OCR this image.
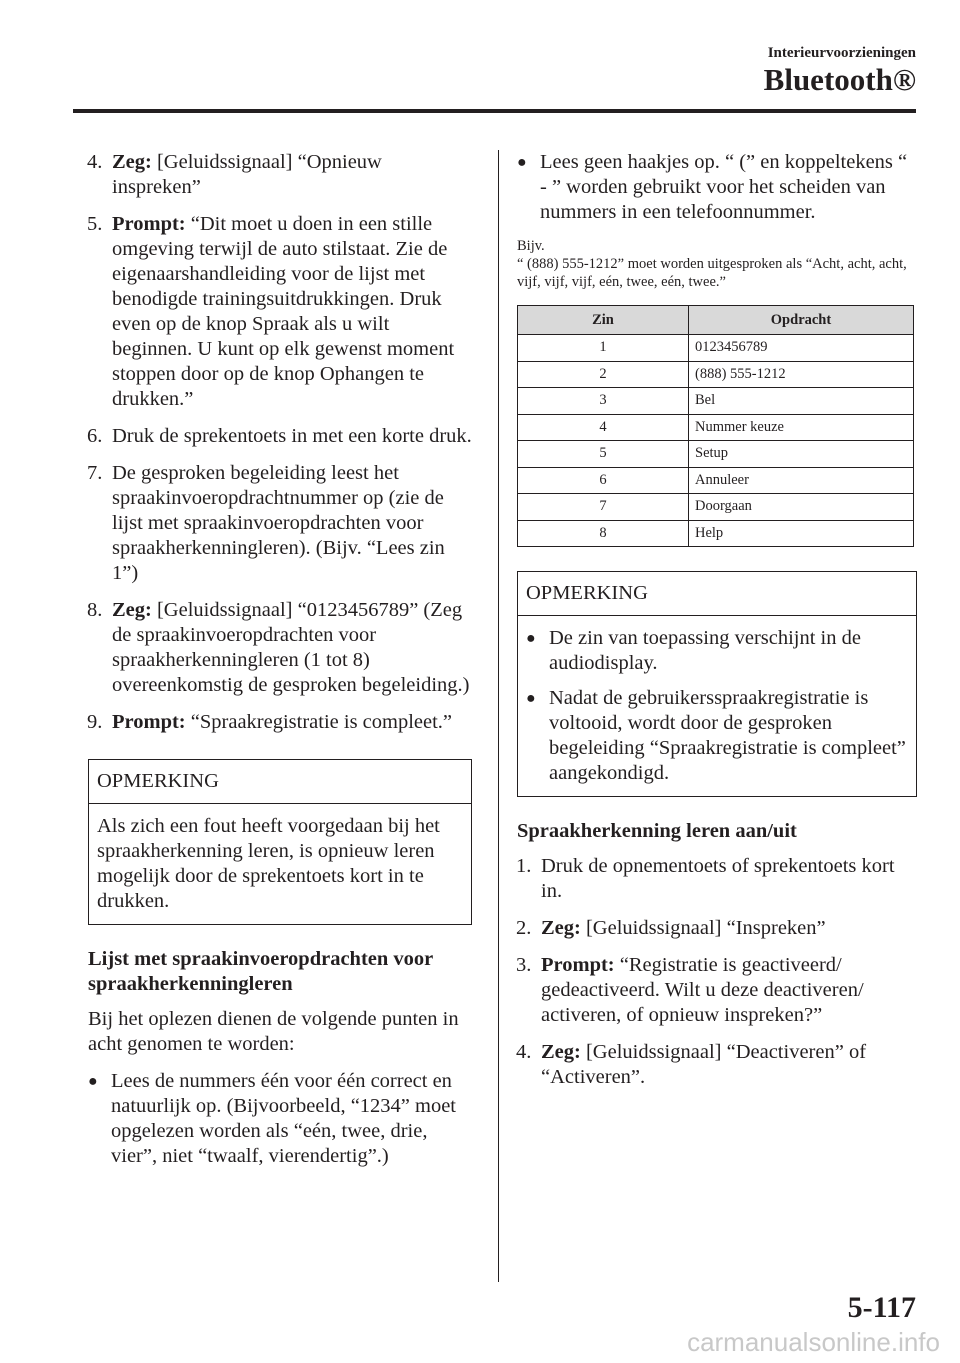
Interieurvoorzieningen
Bluetooth®
4. Zeg: [Geluidssignaal] “Opnieuw inspreken”
5. Prompt: “Dit moet u doen in een stille omgeving terwijl de auto stilstaat. Zie de eigenaarshandleiding voor de lijst met benodigde trainingsuitdrukkingen. Druk even op de knop Spraak als u wilt beginnen. U kunt op elk gewenst moment stoppen door op de knop Ophangen te drukken.”
6. Druk de sprekentoets in met een korte druk.
7. De gesproken begeleiding leest het spraakinvoeropdrachtnummer op (zie de lijst met spraakinvoeropdrachten voor spraakherkenningleren). (Bijv. “Lees zin 1”)
8. Zeg: [Geluidssignaal] “0123456789” (Zeg de spraakinvoeropdrachten voor spraakherkenningleren (1 tot 8) overeenkomstig de gesproken begeleiding.)
9. Prompt: “Spraakregistratie is compleet.”
OPMERKING
Als zich een fout heeft voorgedaan bij het spraakherkenning leren, is opnieuw leren mogelijk door de sprekentoets kort in te drukken.
Lijst met spraakinvoeropdrachten voor spraakherkenningleren
Bij het oplezen dienen de volgende punten in acht genomen te worden:
● Lees de nummers één voor één correct en natuurlijk op. (Bijvoorbeeld, “1234” moet opgelezen worden als “eén, twee, drie, vier”, niet “twaalf, vierendertig”.)
● Lees geen haakjes op. “ (” en koppeltekens “ - ” worden gebruikt voor het scheiden van nummers in een telefoonnummer.
Bijv.
“ (888) 555-1212” moet worden uitgesproken als “Acht, acht, acht, vijf, vijf, vijf, eén, twee, eén, twee.”
Zin	Opdracht
1	0123456789
2	(888) 555-1212
3	Bel
4	Nummer keuze
5	Setup
6	Annuleer
7	Doorgaan
8	Help
OPMERKING
● De zin van toepassing verschijnt in de audiodisplay.
● Nadat de gebruikersspraakregistratie is voltooid, wordt door de gesproken begeleiding “Spraakregistratie is compleet” aangekondigd.
Spraakherkenning leren aan/uit
1. Druk de opnementoets of sprekentoets kort in.
2. Zeg: [Geluidssignaal] “Inspreken”
3. Prompt: “Registratie is geactiveerd/ gedeactiveerd. Wilt u deze deactiveren/ activeren, of opnieuw inspreken?”
4. Zeg: [Geluidssignaal] “Deactiveren” of “Activeren”.
5-117
carmanualsonline.info
